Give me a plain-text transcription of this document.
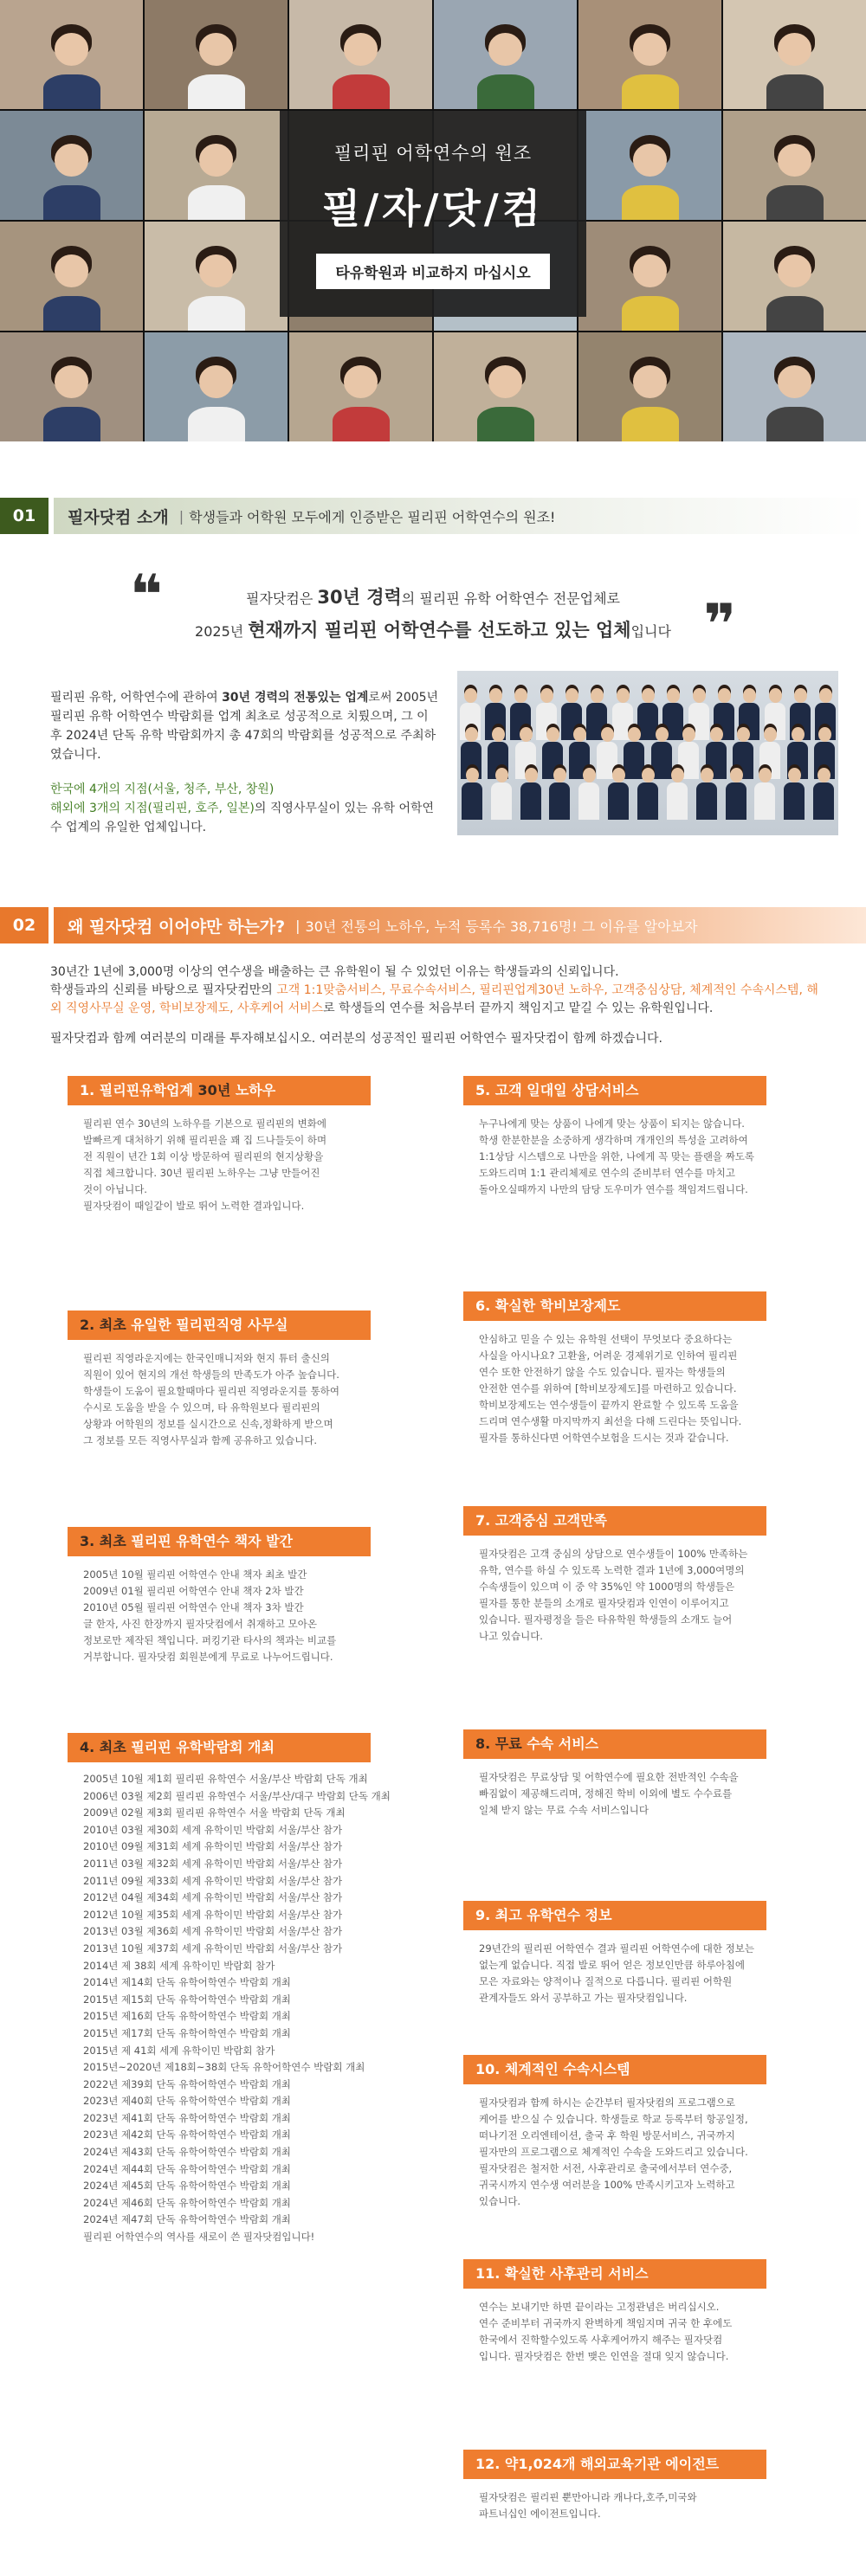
필리핀 어학연수의 원조
필/자/닷/컴
타유학원과 비교하지 마십시오
01	필자닷컴 소개 | 학생들과 어학원 모두에게 인증받은 필리핀 어학연수의 원조!
❝	필자닷컴은 30년 경력의 필리핀 유학 어학연수 전문업체로
2025년 현재까지 필리핀 어학연수를 선도하고 있는 업체입니다 ❞

필리핀 유학, 어학연수에 관하여 30년 경력의 전통있는 업계로써 2005년 필리핀 유학 어학연수 박람회를 업계 최초로 성공적으로 치뤘으며, 그 이후 2024년 단독 유학 박람회까지 총 47회의 박람회를 성공적으로 주최하였습니다.

한국에 4개의 지점(서울, 청주, 부산, 창원)
해외에 3개의 지점(필리핀, 호주, 일본)의 직영사무실이 있는 유학 어학연수 업계의 유일한 업체입니다.

02	왜 필자닷컴 이어야만 하는가? | 30년 전통의 노하우, 누적 등록수 38,716명! 그 이유를 알아보자

30년간 1년에 3,000명 이상의 연수생을 배출하는 큰 유학원이 될 수 있었던 이유는 학생들과의 신뢰입니다.
학생들과의 신뢰를 바탕으로 필자닷컴만의 고객 1:1맞춤서비스, 무료수속서비스, 필리핀업계30년 노하우, 고객중심상담, 체계적인 수속시스템, 해외 직영사무실 운영, 학비보장제도, 사후케어 서비스로 학생들의 연수를 처음부터 끝까지 책임지고 맡길 수 있는 유학원입니다.

필자닷컴과 함께 여러분의 미래를 투자해보십시오. 여러분의 성공적인 필리핀 어학연수 필자닷컴이 함께 하겠습니다.

1. 필리핀유학업계 30년 노하우
필리핀 연수 30년의 노하우를 기본으로 필리핀의 변화에
발빠르게 대처하기 위해 필리핀을 꽤 집 드나들듯이 하며
전 직원이 년간 1회 이상 방문하여 필리핀의 현지상황을
직접 체크합니다. 30년 필리핀 노하우는 그냥 만들어진
것이 아닙니다.
필자닷컴이 때일같이 발로 뛰어 노력한 결과입니다.
2. 최초 유일한 필리핀직영 사무실
필리핀 직영라운지에는 한국인매니저와 현지 튜터 출신의
직원이 있어 현지의 개선 학생들의 만족도가 아주 높습니다.
학생들이 도움이 필요할때마다 필리핀 직영라운지를 통하여
수시로 도움을 받을 수 있으며, 타 유학원보다 필리핀의
상황과 어학원의 정보를 실시간으로 신속,정확하게 받으며
그 정보를 모든 직영사무실과 함께 공유하고 있습니다.
3. 최초 필리핀 유학연수 책자 발간
2005년 10월 필리핀 어학연수 안내 책자 최초 발간
2009년 01월 필리핀 어학연수 안내 책자 2차 발간
2010년 05월 필리핀 어학연수 안내 책자 3차 발간
글 한자, 사진 한장까지 필자닷컴에서 취재하고 모아온
정보로만 제작된 책입니다. 퍼킹기관 타사의 책과는 비교를
거부합니다. 필자닷컴 회원분에게 무료로 나누어드립니다.
4. 최초 필리핀 유학박람회 개최
2005년 10월 제1회 필리핀 유학연수 서울/부산 박람회 단독 개최
2006년 03월 제2회 필리핀 유학연수 서울/부산/대구 박람회 단독 개최
2009년 02월 제3회 필리핀 유학연수 서울 박람회 단독 개최
2010년 03월 제30회 세계 유학이민 박람회 서울/부산 참가
2010년 09월 제31회 세계 유학이민 박람회 서울/부산 참가
2011년 03월 제32회 세계 유학이민 박람회 서울/부산 참가
2011년 09월 제33회 세계 유학이민 박람회 서울/부산 참가
2012년 04월 제34회 세계 유학이민 박람회 서울/부산 참가
2012년 10월 제35회 세계 유학이민 박람회 서울/부산 참가
2013년 03월 제36회 세계 유학이민 박람회 서울/부산 참가
2013년 10월 제37회 세계 유학이민 박람회 서울/부산 참가
2014년 제 38회 세계 유학이민 박람회 참가
2014년 제14회 단독 유학어학연수 박람회 개최
2015년 제15회 단독 유학어학연수 박람회 개최
2015년 제16회 단독 유학어학연수 박람회 개최
2015년 제17회 단독 유학어학연수 박람회 개최
2015년 제 41회 세계 유학이민 박람회 참가
2015년~2020년 제18회~38회 단독 유학어학연수 박람회 개최
2022년 제39회 단독 유학어학연수 박람회 개최
2023년 제40회 단독 유학어학연수 박람회 개최
2023년 제41회 단독 유학어학연수 박람회 개최
2023년 제42회 단독 유학어학연수 박람회 개최
2024년 제43회 단독 유학어학연수 박람회 개최
2024년 제44회 단독 유학어학연수 박람회 개최
2024년 제45회 단독 유학어학연수 박람회 개최
2024년 제46회 단독 유학어학연수 박람회 개최
2024년 제47회 단독 유학어학연수 박람회 개최
필리핀 어학연수의 역사를 새로이 쓴 필자닷컴입니다!
5. 고객 일대일 상담서비스
누구나에게 맞는 상품이 나에게 맞는 상품이 되지는 않습니다.
학생 한분한분을 소중하게 생각하며 개개인의 특성을 고려하여
1:1상담 시스템으로 나만을 위한, 나에게 꼭 맞는 플랜을 짜도록
도와드리며 1:1 관리체제로 연수의 준비부터 연수를 마치고
돌아오실때까지 나만의 담당 도우미가 연수를 책임져드립니다.
6. 확실한 학비보장제도
안심하고 믿을 수 있는 유학원 선택이 무엇보다 중요하다는
사실을 아시나요? 고환율, 어려운 경제위기로 인하여 필리핀
연수 또한 안전하기 않을 수도 있습니다. 필자는 학생들의
안전한 연수를 위하여 [학비보장제도]를 마련하고 있습니다.
학비보장제도는 연수생들이 끝까지 완료할 수 있도록 도움을
드리며 연수생활 마지막까지 최선을 다해 드린다는 뜻입니다.
필자를 통하신다면 어학연수보험을 드시는 것과 같습니다.
7. 고객중심 고객만족
필자닷컴은 고객 중심의 상담으로 연수생들이 100% 만족하는
유학, 연수를 하실 수 있도록 노력한 결과 1년에 3,000여명의
수속생들이 있으며 이 중 약 35%인 약 1000명의 학생들은
필자를 통한 분들의 소개로 필자닷컴과 인연이 이루어지고
있습니다. 필자평정을 들은 타유학원 학생들의 소개도 늘어
나고 있습니다.
8. 무료 수속 서비스
필자닷컴은 무료상담 및 어학연수에 필요한 전반적인 수속을
빠짐없이 제공해드리며, 정해진 학비 이외에 별도 수수료를
일체 받지 않는 무료 수속 서비스입니다
9. 최고 유학연수 정보
29년간의 필리핀 어학연수 결과 필리핀 어학연수에 대한 정보는
없는게 없습니다. 직접 발로 뛰어 얻은 정보인만큼 하루아침에
모은 자료와는 양적이나 질적으로 다릅니다. 필리핀 어학원
관계자들도 와서 공부하고 가는 필자닷컴입니다.
10. 체계적인 수속시스템
필자닷컴과 함께 하시는 순간부터 필자닷컴의 프로그램으로
케어를 받으실 수 있습니다. 학생들로 학교 등록부터 항공일정,
떠나기전 오리엔테이션, 출국 후 학원 방문서비스, 귀국까지
필자만의 프로그램으로 체계적인 수속을 도와드리고 있습니다.
필자닷컴은 철저한 서전, 사후관리로 출국에서부터 연수중,
귀국시까지 연수생 여러분을 100% 만족시키고자 노력하고
있습니다.
11. 확실한 사후관리 서비스
연수는 보내기만 하면 끝이라는 고정관념은 버리십시오.
연수 준비부터 귀국까지 완벽하게 책임지며 귀국 한 후에도
한국에서 진학할수있도록 사후케어까지 해주는 필자닷컴
입니다. 필자닷컴은 한번 맺은 인연을 절대 잊지 않습니다.
12. 약1,024개 해외교육기관 에이전트
필자닷컴은 필리핀 뿐만아니라 캐나다,호주,미국와
파트너십인 에이전트입니다.
